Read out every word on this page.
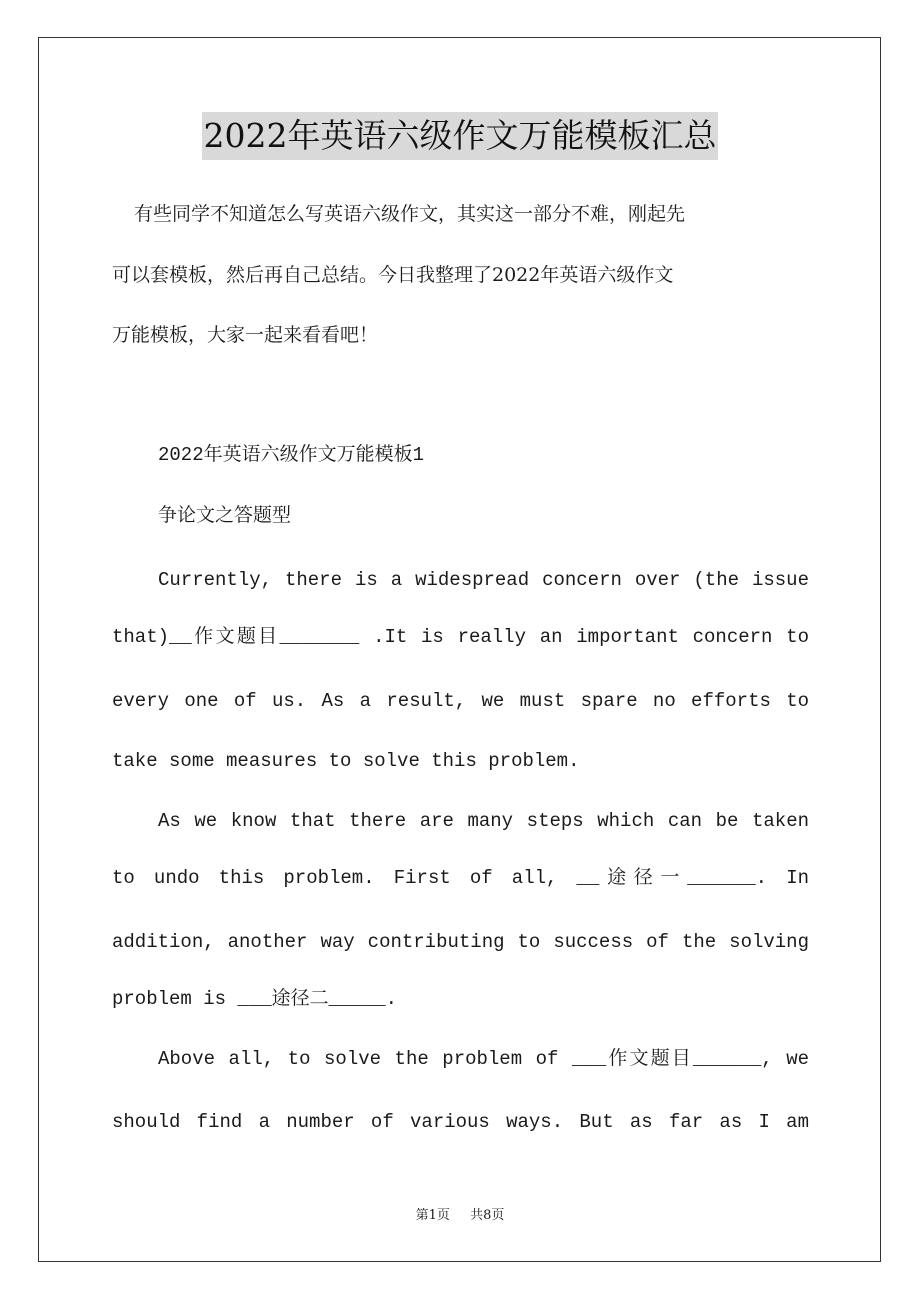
2022年英语六级作文万能模板汇总
有些同学不知道怎么写英语六级作文，其实这一部分不难，刚起先
可以套模板，然后再自己总结。今日我整理了2022年英语六级作文
万能模板，大家一起来看看吧！
2022年英语六级作文万能模板1
争论文之答题型
Currently, there is a widespread concern over (the issue
that)__作文题目_______ .It is really an important concern to
every one of us. As a result, we must spare no efforts to
take some measures to solve this problem.
As we know that there are many steps which can be taken
to undo this problem. First of all, __途径一______. In
addition, another way contributing to success of the solving
problem is ___途径二_____.
Above all, to solve the problem of ___作文题目______, we
should find a number of various ways. But as far as I am
第1页 共8页
